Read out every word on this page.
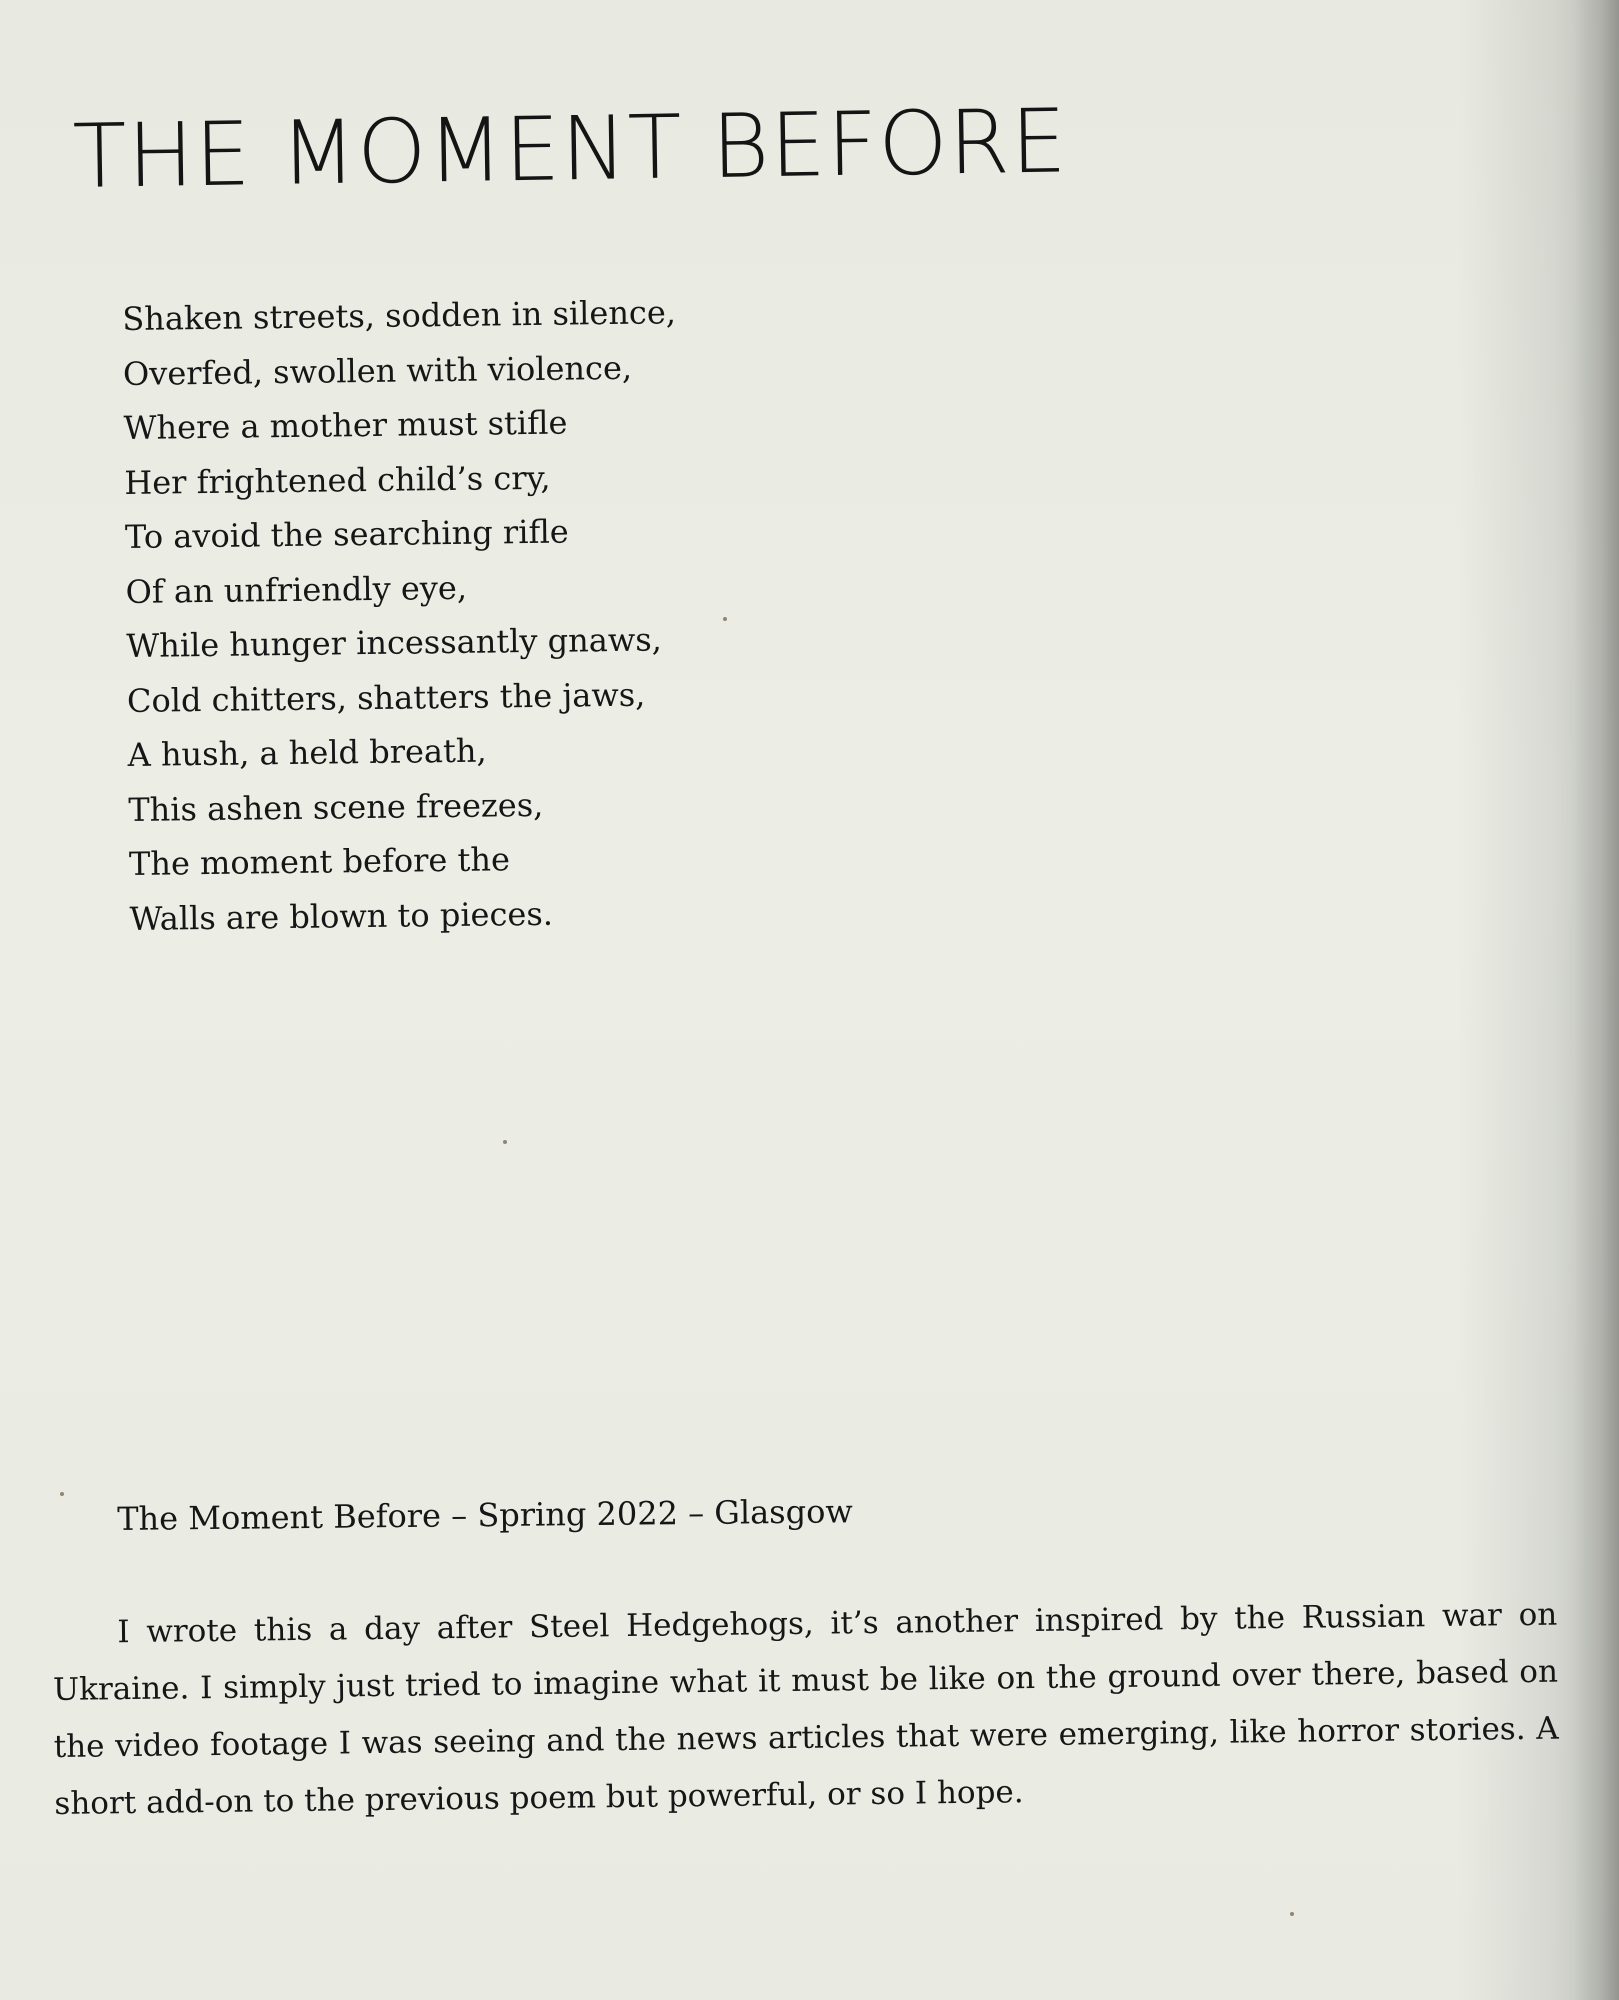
THE MOMENT BEFORE
Shaken streets, sodden in silence,
Overfed, swollen with violence,
Where a mother must stifle
Her frightened child’s cry,
To avoid the searching rifle
Of an unfriendly eye,
While hunger incessantly gnaws,
Cold chitters, shatters the jaws,
A hush, a held breath,
This ashen scene freezes,
The moment before the
Walls are blown to pieces.

The Moment Before – Spring 2022 – Glasgow

I wrote this a day after Steel Hedgehogs, it’s another inspired by the Russian war on Ukraine. I simply just tried to imagine what it must be like on the ground over there, based on the video footage I was seeing and the news articles that were emerging, like horror stories. A short add-on to the previous poem but powerful, or so I hope.
